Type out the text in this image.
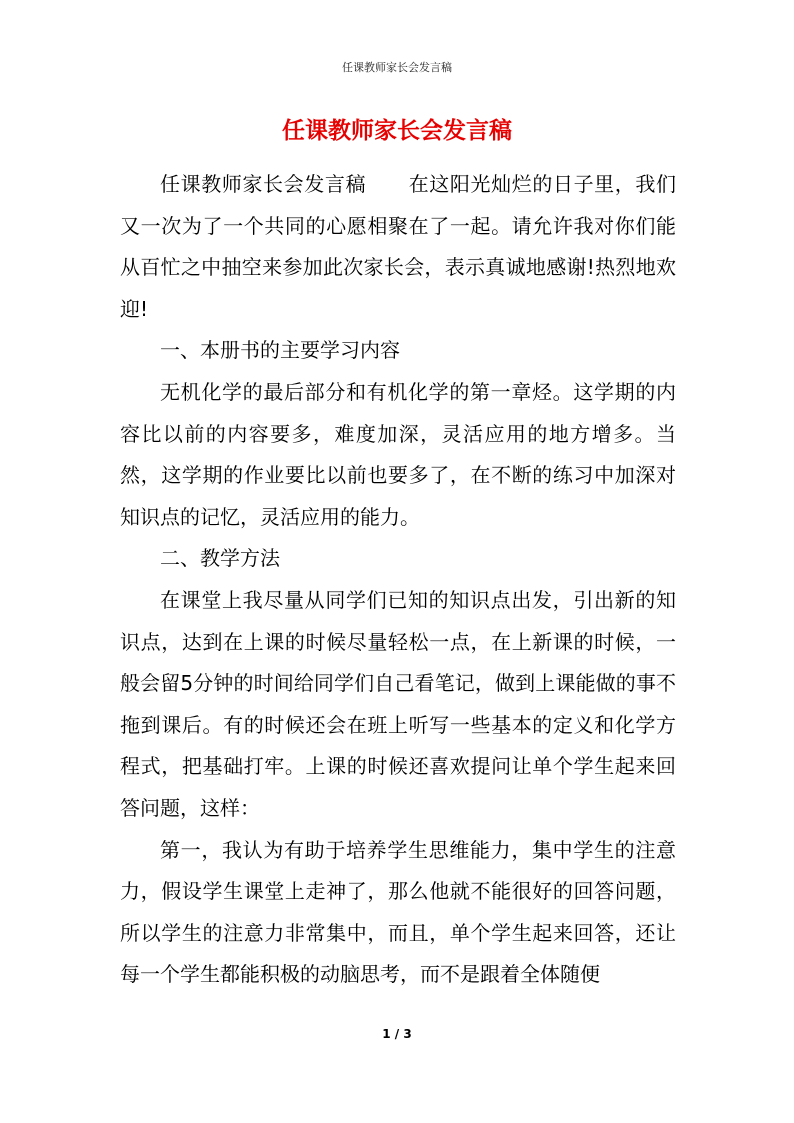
任课教师家长会发言稿
任课教师家长会发言稿

任课教师家长会发言稿 在这阳光灿烂的日子里，我们又一次为了一个共同的心愿相聚在了一起。请允许我对你们能从百忙之中抽空来参加此次家长会，表示真诚地感谢!热烈地欢迎!

一、本册书的主要学习内容

无机化学的最后部分和有机化学的第一章烃。这学期的内容比以前的内容要多，难度加深，灵活应用的地方增多。当然，这学期的作业要比以前也要多了，在不断的练习中加深对知识点的记忆，灵活应用的能力。

二、教学方法

在课堂上我尽量从同学们已知的知识点出发，引出新的知识点，达到在上课的时候尽量轻松一点，在上新课的时候，一般会留5分钟的时间给同学们自己看笔记，做到上课能做的事不拖到课后。有的时候还会在班上听写一些基本的定义和化学方程式，把基础打牢。上课的时候还喜欢提问让单个学生起来回答问题，这样：

第一，我认为有助于培养学生思维能力，集中学生的注意力，假设学生课堂上走神了，那么他就不能很好的回答问题，所以学生的注意力非常集中，而且，单个学生起来回答，还让每一个学生都能积极的动脑思考，而不是跟着全体随便

1 / 3
